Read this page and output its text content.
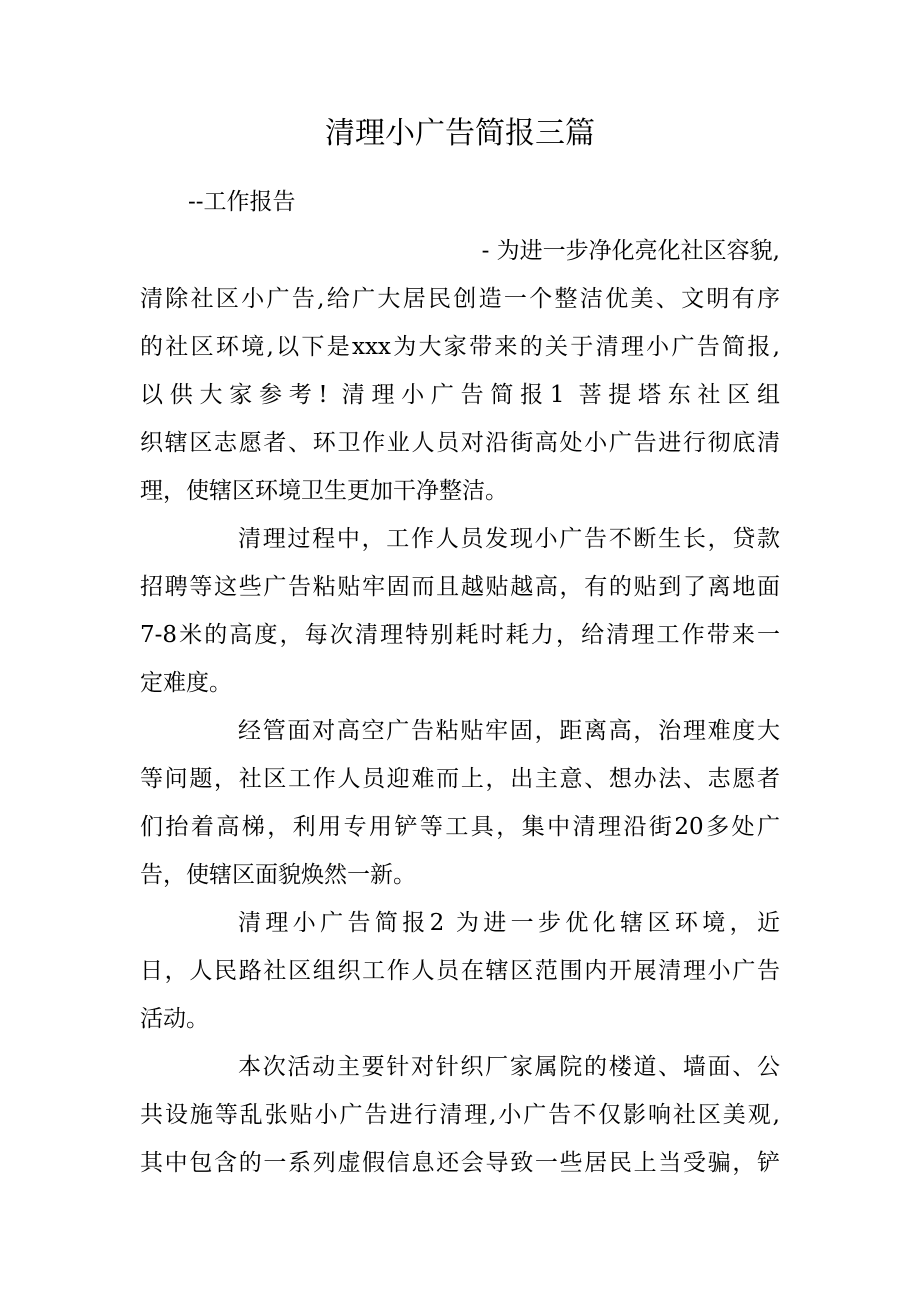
清理小广告简报三篇

--工作报告

- 为进一步净化亮化社区容貌,

清除社区小广告,给广大居民创造一个整洁优美、文明有序

的社区环境,以下是xxx为大家带来的关于清理小广告简报,

以供大家参考! 清理小广告简报1 菩提塔东社区组

织辖区志愿者、环卫作业人员对沿街高处小广告进行彻底清

理，使辖区环境卫生更加干净整洁。

清理过程中，工作人员发现小广告不断生长，贷款

招聘等这些广告粘贴牢固而且越贴越高，有的贴到了离地面

7-8米的高度，每次清理特别耗时耗力，给清理工作带来一

定难度。

经管面对高空广告粘贴牢固，距离高，治理难度大

等问题，社区工作人员迎难而上，出主意、想办法、志愿者

们抬着高梯，利用专用铲等工具，集中清理沿街20多处广

告，使辖区面貌焕然一新。

清理小广告简报2 为进一步优化辖区环境，近

日，人民路社区组织工作人员在辖区范围内开展清理小广告

活动。

本次活动主要针对针织厂家属院的楼道、墙面、公

共设施等乱张贴小广告进行清理,小广告不仅影响社区美观,

其中包含的一系列虚假信息还会导致一些居民上当受骗，铲
